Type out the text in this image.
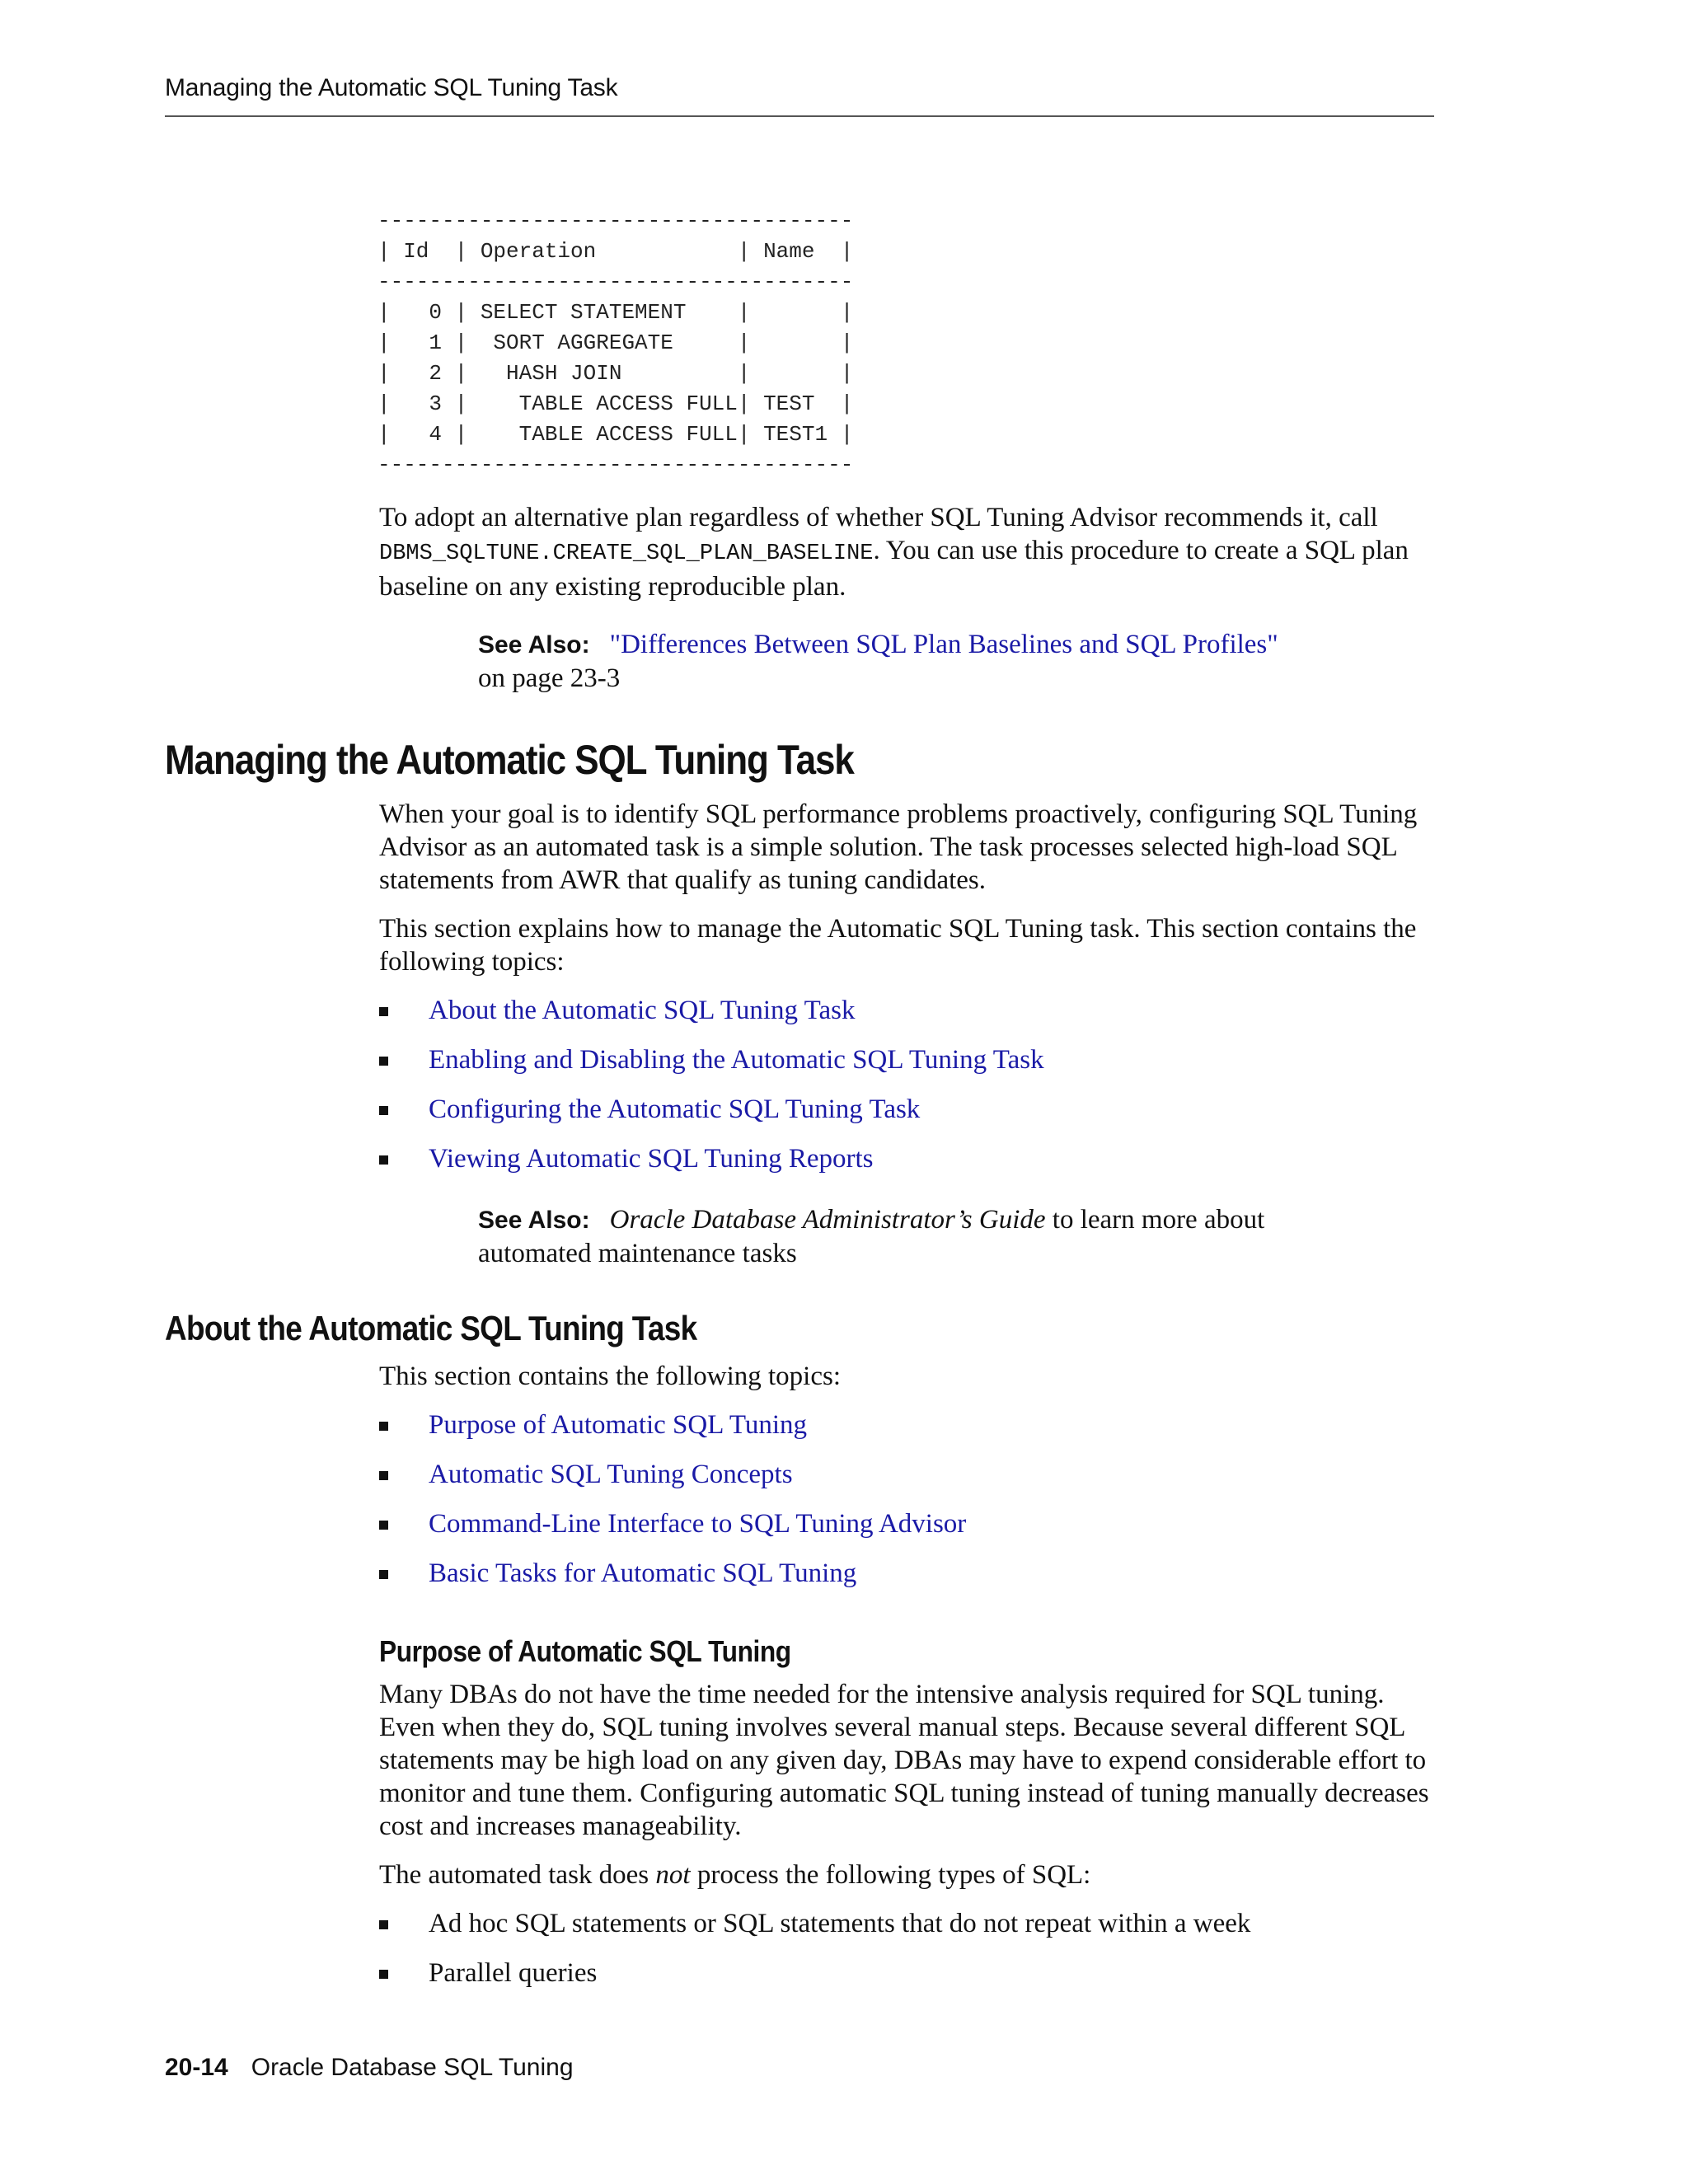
Managing the Automatic SQL Tuning Task
-------------------------------------
| Id  | Operation           | Name  |
-------------------------------------
|   0 | SELECT STATEMENT    |       |
|   1 |  SORT AGGREGATE     |       |
|   2 |   HASH JOIN         |       |
|   3 |    TABLE ACCESS FULL| TEST  |
|   4 |    TABLE ACCESS FULL| TEST1 |
-------------------------------------

To adopt an alternative plan regardless of whether SQL Tuning Advisor recommends it, call DBMS_SQLTUNE.CREATE_SQL_PLAN_BASELINE. You can use this procedure to create a SQL plan baseline on any existing reproducible plan.

See Also: "Differences Between SQL Plan Baselines and SQL Profiles" on page 23-3

Managing the Automatic SQL Tuning Task

When your goal is to identify SQL performance problems proactively, configuring SQL Tuning Advisor as an automated task is a simple solution. The task processes selected high-load SQL statements from AWR that qualify as tuning candidates.

This section explains how to manage the Automatic SQL Tuning task. This section contains the following topics:

About the Automatic SQL Tuning Task
Enabling and Disabling the Automatic SQL Tuning Task
Configuring the Automatic SQL Tuning Task
Viewing Automatic SQL Tuning Reports

See Also: Oracle Database Administrator’s Guide to learn more about automated maintenance tasks

About the Automatic SQL Tuning Task

This section contains the following topics:

Purpose of Automatic SQL Tuning
Automatic SQL Tuning Concepts
Command-Line Interface to SQL Tuning Advisor
Basic Tasks for Automatic SQL Tuning
Purpose of Automatic SQL Tuning

Many DBAs do not have the time needed for the intensive analysis required for SQL tuning. Even when they do, SQL tuning involves several manual steps. Because several different SQL statements may be high load on any given day, DBAs may have to expend considerable effort to monitor and tune them. Configuring automatic SQL tuning instead of tuning manually decreases cost and increases manageability.

The automated task does not process the following types of SQL:

Ad hoc SQL statements or SQL statements that do not repeat within a week
Parallel queries
20-14 Oracle Database SQL Tuning
